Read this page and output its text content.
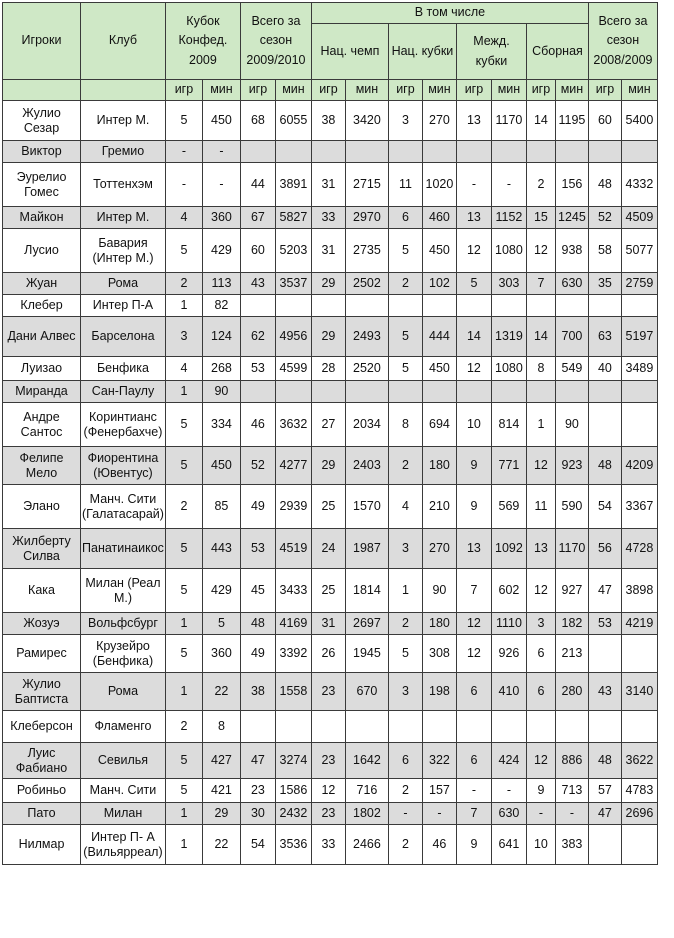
Игроки	Клуб	Кубок Конфед. 2009		Всего за сезон 2009/2010		В том числе								Всего за сезон 2008/2009	
						Нац. чемп		Нац. кубки		Межд. кубки		Сборная			
		игр	мин	игр	мин	игр	мин	игр	мин	игр	мин	игр	мин	игр	мин
Жулио Сезар	Интер М.	5	450	68	6055	38	3420	3	270	13	1170	14	1195	60	5400
Виктор	Гремио	-	-												
Эурелио Гомес	Тоттенхэм	-	-	44	3891	31	2715	11	1020	-	-	2	156	48	4332
Майкон	Интер М.	4	360	67	5827	33	2970	6	460	13	1152	15	1245	52	4509
Лусио	Бавария (Интер М.)	5	429	60	5203	31	2735	5	450	12	1080	12	938	58	5077
Жуан	Рома	2	113	43	3537	29	2502	2	102	5	303	7	630	35	2759
Клебер	Интер П-А	1	82												
Дани Алвес	Барселона	3	124	62	4956	29	2493	5	444	14	1319	14	700	63	5197
Луизао	Бенфика	4	268	53	4599	28	2520	5	450	12	1080	8	549	40	3489
Миранда	Сан-Паулу	1	90												
Андре Сантос	Коринтианс (Фенербахче)	5	334	46	3632	27	2034	8	694	10	814	1	90		
Фелипе Мело	Фиорентина (Ювентус)	5	450	52	4277	29	2403	2	180	9	771	12	923	48	4209
Элано	Манч. Сити (Галатасарай)	2	85	49	2939	25	1570	4	210	9	569	11	590	54	3367
Жилберту Силва	Панатинаикос	5	443	53	4519	24	1987	3	270	13	1092	13	1170	56	4728
Кака	Милан (Реал М.)	5	429	45	3433	25	1814	1	90	7	602	12	927	47	3898
Жозуэ	Вольфсбург	1	5	48	4169	31	2697	2	180	12	1110	3	182	53	4219
Рамирес	Крузейро (Бенфика)	5	360	49	3392	26	1945	5	308	12	926	6	213		
Жулио Баптиста	Рома	1	22	38	1558	23	670	3	198	6	410	6	280	43	3140
Клеберсон	Фламенго	2	8												
Луис Фабиано	Севилья	5	427	47	3274	23	1642	6	322	6	424	12	886	48	3622
Робиньо	Манч. Сити	5	421	23	1586	12	716	2	157	-	-	9	713	57	4783
Пато	Милан	1	29	30	2432	23	1802	-	-	7	630	-	-	47	2696
Нилмар	Интер П- А (Вильярреал)	1	22	54	3536	33	2466	2	46	9	641	10	383		
